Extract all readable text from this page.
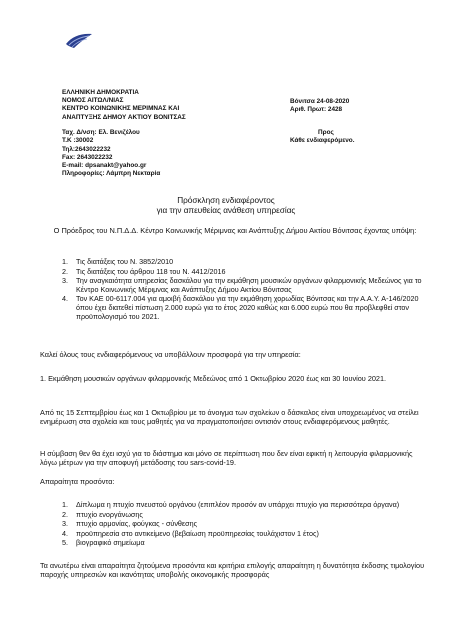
ΕΛΛΗΝΙΚΗ ΔΗΜΟΚΡΑΤΙΑ
ΝΟΜΟΣ ΑΙΤΩΛ/ΝΙΑΣ
ΚΕΝΤΡΟ ΚΟΙΝΩΝΙΚΗΣ ΜΕΡΙΜΝΑΣ ΚΑΙ
ΑΝΑΠΤΥΞΗΣ ΔΗΜΟΥ ΑΚΤΙΟΥ ΒΟΝΙΤΣΑΣ
Βόνιτσα 24-08-2020
Αριθ. Πρωτ: 2428
Ταχ. Δ/νση: Ελ. Βενιζέλου
Τ.Κ :30002
Τηλ:2643022232
Fax: 2643022232
E-mail: dpsanakt@yahoo.gr
Πληροφορίες: Λάμπρη Νεκταρία
Προς
Κάθε ενδιαφερόμενο.
Πρόσκληση ενδιαφέροντος
για την απευθείας ανάθεση υπηρεσίας
Ο Πρόεδρος του Ν.Π.Δ.Δ. Κέντρο Κοινωνικής Μέριμνας και Ανάπτυξης Δήμου Ακτίου Βόνιτσας έχοντας υπόψη:
1. Τις διατάξεις του Ν. 3852/2010
2. Τις διατάξεις του άρθρου 118 του Ν. 4412/2016
3. Την αναγκαιότητα υπηρεσίας δασκάλου για την εκμάθηση μουσικών οργάνων φιλαρμονικής Μεδεώνος για το Κέντρο Κοινωνικής Μέριμνας και Ανάπτυξης Δήμου Ακτίου Βόνιτσας
4. Τον ΚΑΕ 00-6117.004 για αμοιβή δασκάλου για την εκμάθηση χορωδίας Βόνιτσας και την Α.Α.Υ. Α-146/2020 όπου έχει διατεθεί πίστωση 2.000 ευρώ για το έτος 2020 καθώς και 6.000 ευρώ που θα προβλεφθεί στον προϋπολογισμό του 2021.
Καλεί όλους τους ενδιαφερόμενους να υποβάλλουν προσφορά για την υπηρεσία:
1. Εκμάθηση μουσικών οργάνων φιλαρμονικής Μεδεώνος από 1 Οκτωβρίου 2020 έως και 30 Ιουνίου 2021.
Από τις 15 Σεπτεμβρίου έως και 1 Οκτωβρίου με το άνοιγμα των σχολείων ο δάσκαλος είναι υποχρεωμένος να στείλει ενημέρωση στα σχολεία και τους μαθητές για να πραγματοποιήσει οντισιόν στους ενδιαφερόμενους μαθητές.
Η σύμβαση θεν θα έχει ισχύ για το διάστημα και μόνο σε περίπτωση που δεν είναι εφικτή η λειτουργία φιλαρμονικής λόγω μέτρων για την αποφυγή μετάδοσης του sars-covid-19.
Απαραίτητα προσόντα:
1. Δίπλωμα η πτυχίο πνευστού οργάνου (επιπλέον προσόν αν υπάρχει πτυχίο για περισσότερα όργανα)
2. πτυχίο ενοργάνωσης
3. πτυχίο αρμονίας, φούγκας - σύνθεσης
4. προϋπηρεσία στο αντικείμενο (βεβαίωση προϋπηρεσίας τουλάχιστον 1 έτος)
5. βιογραφικό σημείωμα
Τα ανωτέρω είναι απαραίτητα ζητούμενα προσόντα και κριτήρια επιλογής απαραίτητη η δυνατότητα έκδοσης τιμολογίου παροχής υπηρεσιών και ικανότητας υποβολής οικονομικής προσφοράς
